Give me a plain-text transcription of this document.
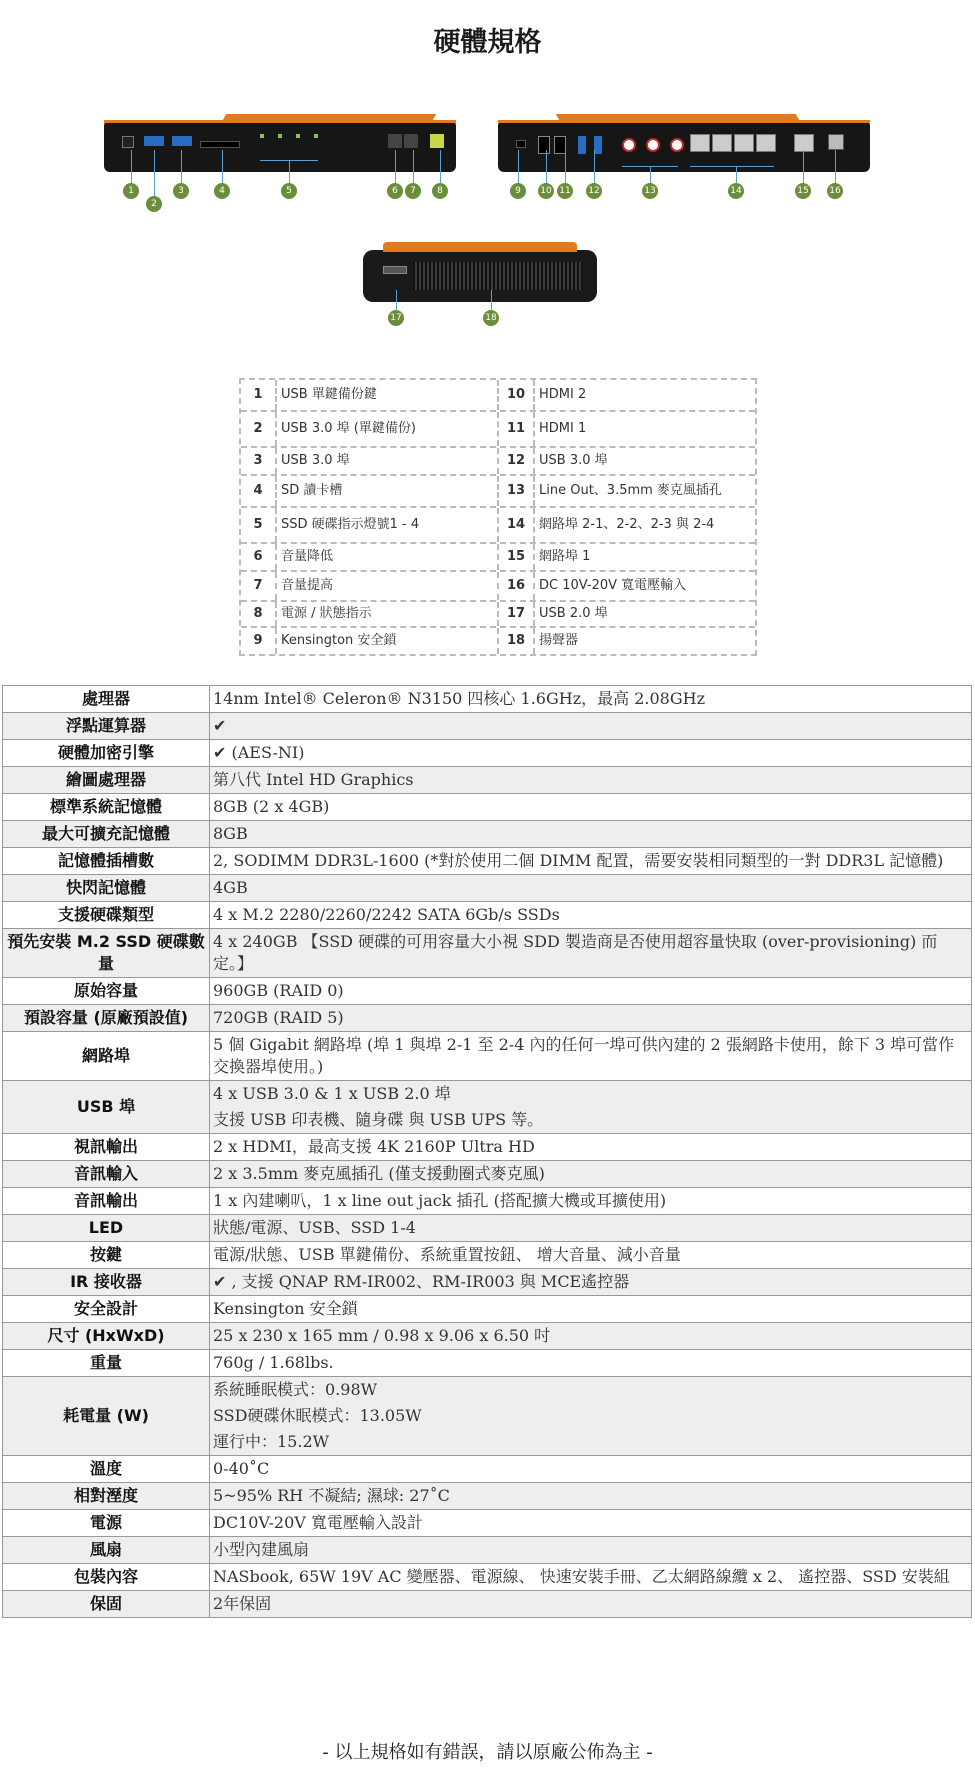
硬體規格
1
2
3	4	5	6	7	8	9	10 11 12	13	14	15 16
17	18
1	USB 單鍵備份鍵	10	HDMI 2
2	USB 3.0 埠 (單鍵備份)	11	HDMI 1
3	USB 3.0 埠	12	USB 3.0 埠
4	SD 讀卡槽	13	Line Out、3.5mm 麥克風插孔
5	SSD 硬碟指示燈號1 - 4	14	網路埠 2-1、2-2、2-3 與 2-4
6	音量降低	15	網路埠 1
7	音量提高	16	DC 10V-20V 寬電壓輸入
8	電源 / 狀態指示	17	USB 2.0 埠
9	Kensington 安全鎖	18	揚聲器
處理器	14nm Intel® Celeron® N3150 四核心 1.6GHz，最高 2.08GHz

浮點運算器	✔

硬體加密引擎	✔ (AES-NI)

繪圖處理器	第八代 Intel HD Graphics

標準系統記憶體	8GB (2 x 4GB)

最大可擴充記憶體	8GB

記憶體插槽數	2, SODIMM DDR3L-1600 (*對於使用二個 DIMM 配置，需要安裝相同類型的一對 DDR3L 記憶體)

快閃記憶體	4GB

支援硬碟類型	4 x M.2 2280/2260/2242 SATA 6Gb/s SSDs

預先安裝 M.2 SSD 硬碟數量	4 x 240GB 【SSD 硬碟的可用容量大小視 SDD 製造商是否使用超容量快取 (over-provisioning) 而定。】

原始容量	960GB (RAID 0)

預設容量 (原廠預設值)	720GB (RAID 5)

網路埠	5 個 Gigabit 網路埠 (埠 1 與埠 2-1 至 2-4 內的任何一埠可供內建的 2 張網路卡使用，餘下 3 埠可當作交換器埠使用。)

USB 埠	4 x USB 3.0 & 1 x USB 2.0 埠
支援 USB 印表機、隨身碟 與 USB UPS 等。

視訊輸出	2 x HDMI，最高支援 4K 2160P Ultra HD

音訊輸入	2 x 3.5mm 麥克風插孔 (僅支援動圈式麥克風)

音訊輸出	1 x 內建喇叭，1 x line out jack 插孔 (搭配擴大機或耳擴使用)

LED	狀態/電源、USB、SSD 1-4

按鍵	電源/狀態、USB 單鍵備份、系統重置按鈕、 增大音量、減小音量

IR 接收器	✔ , 支援 QNAP RM-IR002、RM-IR003 與 MCE遙控器

安全設計	Kensington 安全鎖

尺寸 (HxWxD)	25 x 230 x 165 mm / 0.98 x 9.06 x 6.50 吋

重量	760g / 1.68lbs.

耗電量 (W)	系統睡眠模式：0.98W
SSD硬碟休眠模式：13.05W
運行中：15.2W

溫度	0-40˚C

相對溼度	5~95% RH 不凝結; 濕球: 27˚C

電源	DC10V-20V 寬電壓輸入設計

風扇	小型內建風扇

包裝內容	NASbook, 65W 19V AC 變壓器、電源線、 快速安裝手冊、乙太網路線纜 x 2、 遙控器、SSD 安裝組

保固	2年保固
- 以上規格如有錯誤，請以原廠公佈為主 -
